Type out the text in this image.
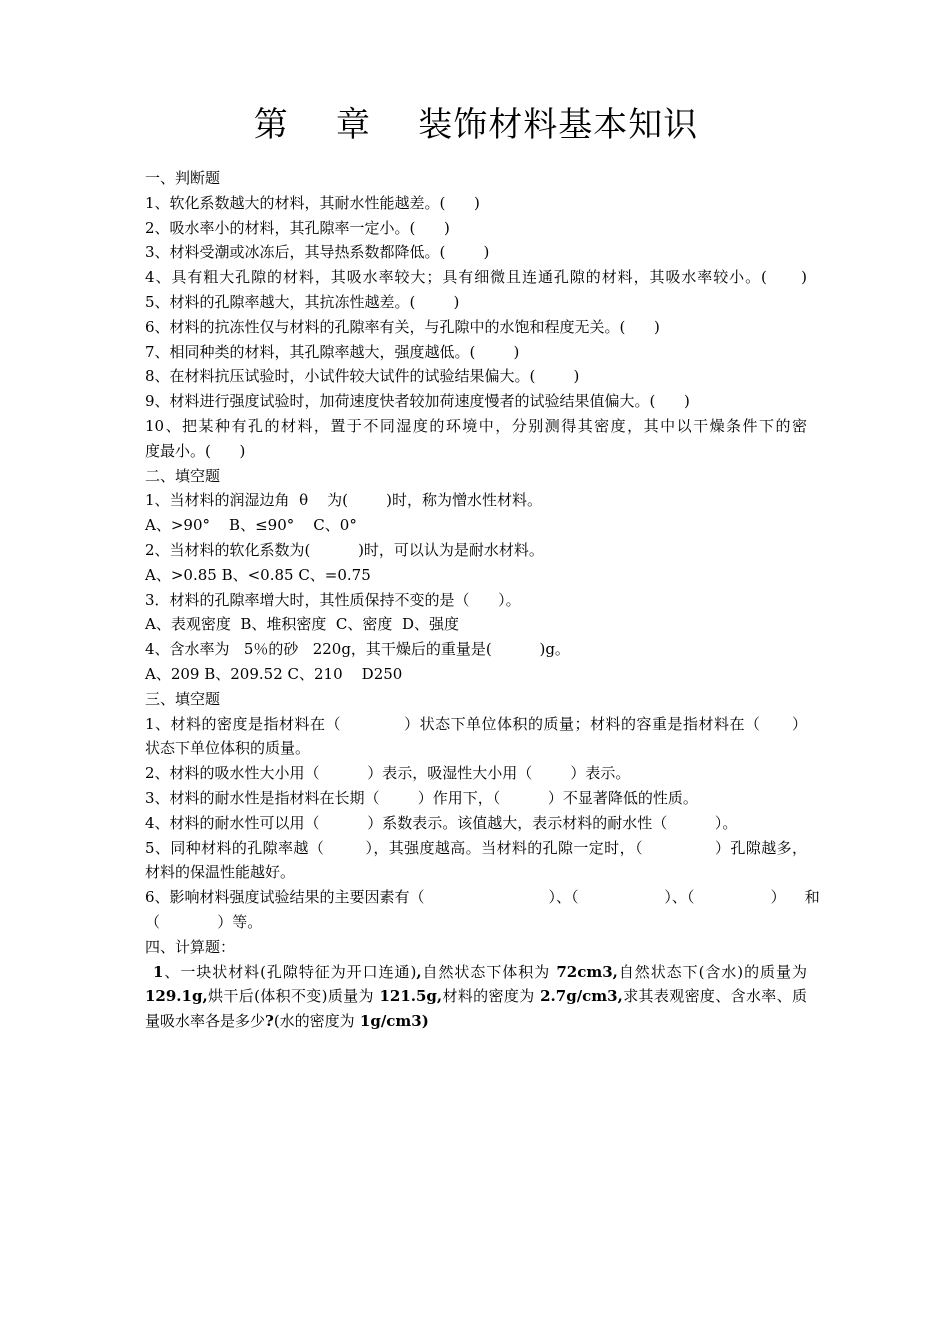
第    章    装饰材料基本知识
一、判断题
1、软化系数越大的材料，其耐水性能越差。(      )
2、吸水率小的材料，其孔隙率一定小。(      )
3、材料受潮或冰冻后，其导热系数都降低。(        )
4、具有粗大孔隙的材料，其吸水率较大；具有细微且连通孔隙的材料，其吸水率较小。(      )
5、材料的孔隙率越大，其抗冻性越差。(        )
6、材料的抗冻性仅与材料的孔隙率有关，与孔隙中的水饱和程度无关。(      )
7、相同种类的材料，其孔隙率越大，强度越低。(        )
8、在材料抗压试验时，小试件较大试件的试验结果偏大。(        )
9、材料进行强度试验时，加荷速度快者较加荷速度慢者的试验结果值偏大。(      )
10、把某种有孔的材料，置于不同湿度的环境中，分别测得其密度，其中以干燥条件下的密
度最小。(      )
二、填空题
1、当材料的润湿边角  θ    为(        )时，称为憎水性材料。
A、>90°    B、≤90°    C、0°
2、当材料的软化系数为(          )时，可以认为是耐水材料。
A、>0.85 B、<0.85 C、=0.75
3．材料的孔隙率增大时，其性质保持不变的是（      ）。
A、表观密度  B、堆积密度  C、密度  D、强度
4、含水率为   5％的砂   220g，其干燥后的重量是(          )g。
A、209 B、209.52 C、210    D250
三、填空题
1、材料的密度是指材料在（            ）状态下单位体积的质量；材料的容重是指材料在（      ）
状态下单位体积的质量。
2、材料的吸水性大小用（          ）表示，吸湿性大小用（        ）表示。
3、材料的耐水性是指材料在长期（        ）作用下，（          ）不显著降低的性质。
4、材料的耐水性可以用（          ）系数表示。该值越大，表示材料的耐水性（          ）。
5、同种材料的孔隙率越（        ），其强度越高。当材料的孔隙一定时，（              ）孔隙越多，
材料的保温性能越好。
6、影响材料强度试验结果的主要因素有（                          ）、（                  ）、（                ）    和
（            ）等。
四、计算题：
1、一块状材料(孔隙特征为开口连通),自然状态下体积为 72cm3,自然状态下(含水)的质量为
129.1g,烘干后(体积不变)质量为 121.5g,材料的密度为 2.7g/cm3,求其表观密度、含水率、质
量吸水率各是多少?(水的密度为 1g/cm3)
